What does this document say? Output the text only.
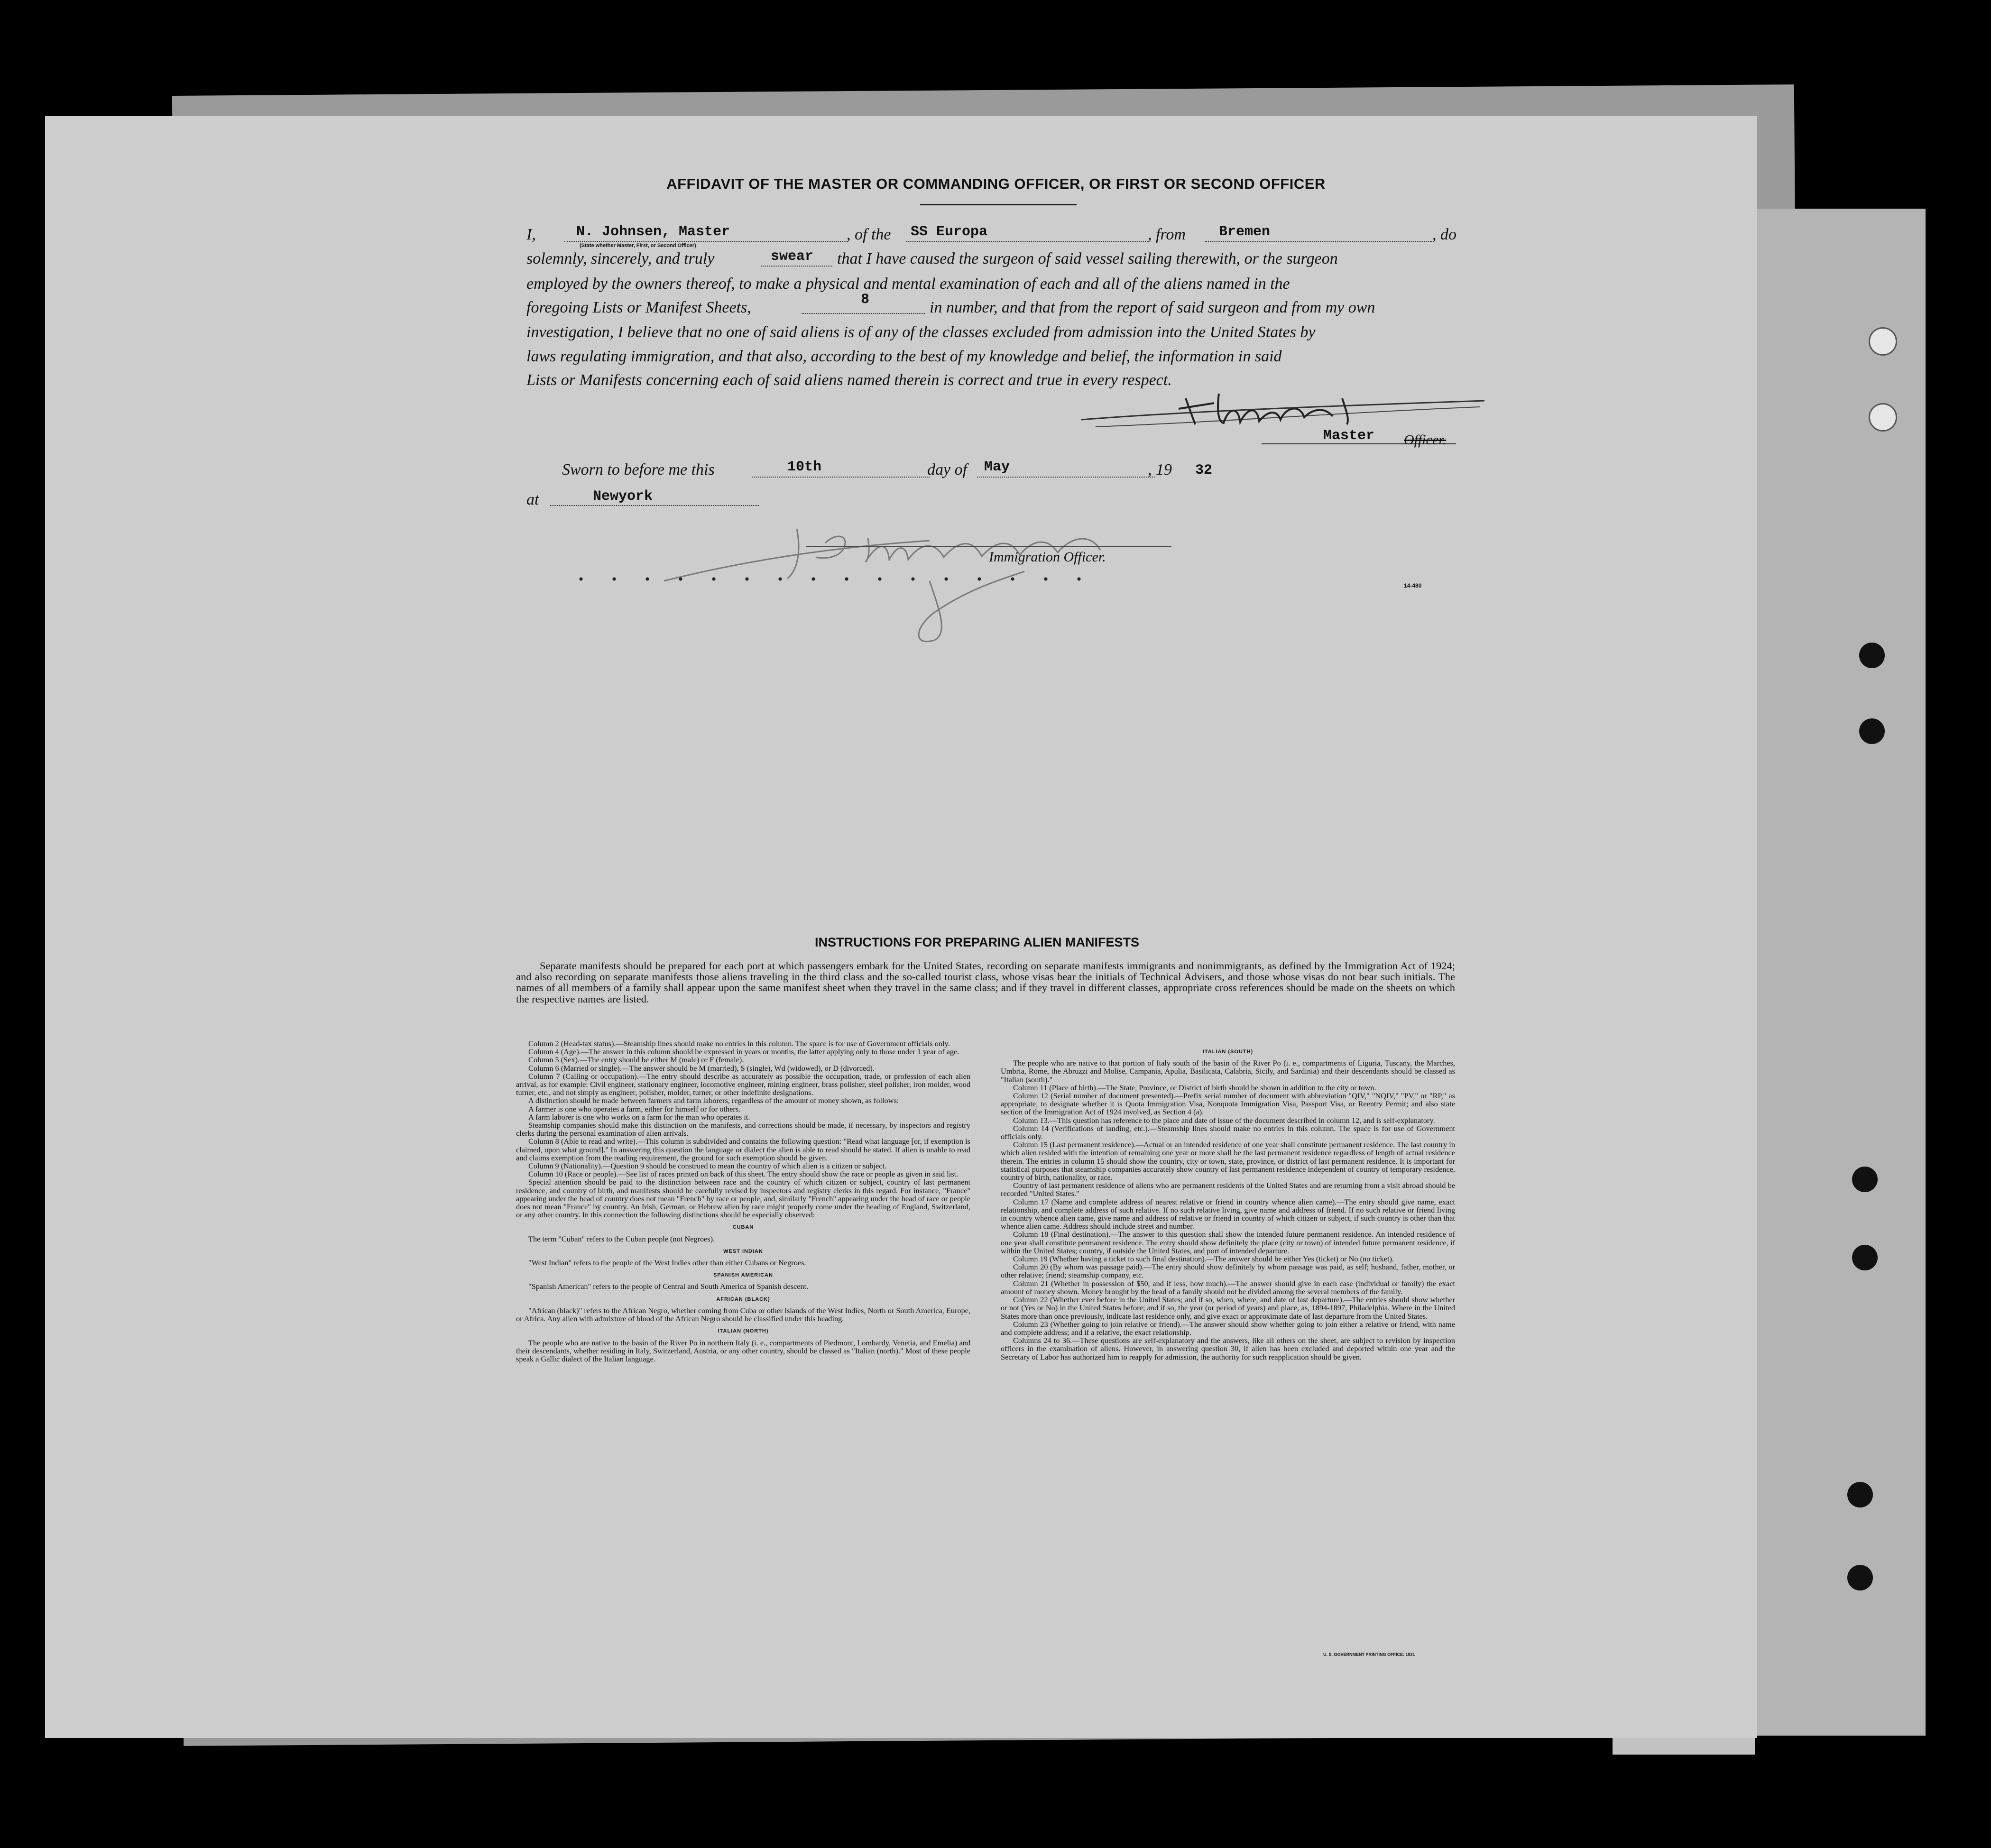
AFFIDAVIT OF THE MASTER OR COMMANDING OFFICER, OR FIRST OR SECOND OFFICER
I,	N. Johnsen, Master
(State whether Master, First, or Second Officer)
, of the SS Europa	, from Bremen	, do
solemnly, sincerely, and truly	swear that I have caused the surgeon of said vessel sailing therewith, or the surgeon
employed by the owners thereof, to make a physical and mental examination of each and all of the aliens named in the
foregoing Lists or Manifest Sheets,	8	in number, and that from the report of said surgeon and from my own
investigation, I believe that no one of said aliens is of any of the classes excluded from admission into the United States by
laws regulating immigration, and that also, according to the best of my knowledge and belief, the information in said
Lists or Manifests concerning each of said aliens named therein is correct and true in every respect.
Master Officer.
Sworn to before me this	10th	day of May	, 19 32
at	Newyork
Immigration Officer.
14-480
INSTRUCTIONS FOR PREPARING ALIEN MANIFESTS
Separate manifests should be prepared for each port at which passengers embark for the United States, recording on separate manifests immigrants and nonimmigrants, as defined by the Immigration Act of 1924; and also recording on separate manifests those aliens traveling in the third class and the so-called tourist class, whose visas bear the initials of Technical Advisers, and those whose visas do not bear such initials. The names of all members of a family shall appear upon the same manifest sheet when they travel in the same class; and if they travel in different classes, appropriate cross references should be made on the sheets on which the respective names are listed.

Column 2 (Head-tax status).—Steamship lines should make no entries in this column. The space is for use of Government officials only.

Column 4 (Age).—The answer in this column should be expressed in years or months, the latter applying only to those under 1 year of age.

Column 5 (Sex).—The entry should be either M (male) or F (female).

Column 6 (Married or single).—The answer should be M (married), S (single), Wd (widowed), or D (divorced).

Column 7 (Calling or occupation).—The entry should describe as accurately as possible the occupation, trade, or profession of each alien arrival, as for example: Civil engineer, stationary engineer, locomotive engineer, mining engineer, brass polisher, steel polisher, iron molder, wood turner, etc., and not simply as engineer, polisher, molder, turner, or other indefinite designations.

A distinction should be made between farmers and farm laborers, regardless of the amount of money shown, as follows:

A farmer is one who operates a farm, either for himself or for others.

A farm laborer is one who works on a farm for the man who operates it.

Steamship companies should make this distinction on the manifests, and corrections should be made, if necessary, by inspectors and registry clerks during the personal examination of alien arrivals.

Column 8 (Able to read and write).—This column is subdivided and contains the following question: "Read what language [or, if exemption is claimed, upon what ground]." In answering this question the language or dialect the alien is able to read should be stated. If alien is unable to read and claims exemption from the reading requirement, the ground for such exemption should be given.

Column 9 (Nationality).—Question 9 should be construed to mean the country of which alien is a citizen or subject.

Column 10 (Race or people).—See list of races printed on back of this sheet. The entry should show the race or people as given in said list.

Special attention should be paid to the distinction between race and the country of which citizen or subject, country of last permanent residence, and country of birth, and manifests should be carefully revised by inspectors and registry clerks in this regard. For instance, "France" appearing under the head of country does not mean "French" by race or people, and, similarly "French" appearing under the head of race or people does not mean "France" by country. An Irish, German, or Hebrew alien by race might properly come under the heading of England, Switzerland, or any other country. In this connection the following distinctions should be especially observed:

CUBAN

The term "Cuban" refers to the Cuban people (not Negroes).

WEST INDIAN

"West Indian" refers to the people of the West Indies other than either Cubans or Negroes.

SPANISH AMERICAN

"Spanish American" refers to the people of Central and South America of Spanish descent.

AFRICAN (BLACK)

"African (black)" refers to the African Negro, whether coming from Cuba or other islands of the West Indies, North or South America, Europe, or Africa. Any alien with admixture of blood of the African Negro should be classified under this heading.

ITALIAN (NORTH)

The people who are native to the basin of the River Po in northern Italy (i. e., compartments of Piedmont, Lombardy, Venetia, and Emelia) and their descendants, whether residing in Italy, Switzerland, Austria, or any other country, should be classed as "Italian (north)." Most of these people speak a Gallic dialect of the Italian language.

ITALIAN (SOUTH)

The people who are native to that portion of Italy south of the basin of the River Po (i. e., compartments of Liguria, Tuscany, the Marches, Umbria, Rome, the Abruzzi and Molise, Campania, Apulia, Basilicata, Calabria, Sicily, and Sardinia) and their descendants should be classed as "Italian (south)."

Column 11 (Place of birth).—The State, Province, or District of birth should be shown in addition to the city or town.

Column 12 (Serial number of document presented).—Prefix serial number of document with abbreviation "QIV," "NQIV," "PV," or "RP," as appropriate, to designate whether it is Quota Immigration Visa, Nonquota Immigration Visa, Passport Visa, or Reentry Permit; and also state section of the Immigration Act of 1924 involved, as Section 4 (a).

Column 13.—This question has reference to the place and date of issue of the document described in column 12, and is self-explanatory.

Column 14 (Verifications of landing, etc.).—Steamship lines should make no entries in this column. The space is for use of Government officials only.

Column 15 (Last permanent residence).—Actual or an intended residence of one year shall constitute permanent residence. The last country in which alien resided with the intention of remaining one year or more shall be the last permanent residence regardless of length of actual residence therein. The entries in column 15 should show the country, city or town, state, province, or district of last permanent residence. It is important for statistical purposes that steamship companies accurately show country of last permanent residence independent of country of temporary residence, country of birth, nationality, or race.

Country of last permanent residence of aliens who are permanent residents of the United States and are returning from a visit abroad should be recorded "United States."

Column 17 (Name and complete address of nearest relative or friend in country whence alien came).—The entry should give name, exact relationship, and complete address of such relative. If no such relative living, give name and address of friend. If no such relative or friend living in country whence alien came, give name and address of relative or friend in country of which citizen or subject, if such country is other than that whence alien came. Address should include street and number.

Column 18 (Final destination).—The answer to this question shall show the intended future permanent residence. An intended residence of one year shall constitute permanent residence. The entry should show definitely the place (city or town) of intended future permanent residence, if within the United States; country, if outside the United States, and port of intended departure.

Column 19 (Whether having a ticket to such final destination).—The answer should be either Yes (ticket) or No (no ticket).

Column 20 (By whom was passage paid).—The entry should show definitely by whom passage was paid, as self; husband, father, mother, or other relative; friend; steamship company, etc.

Column 21 (Whether in possession of $50, and if less, how much).—The answer should give in each case (individual or family) the exact amount of money shown. Money brought by the head of a family should not be divided among the several members of the family.

Column 22 (Whether ever before in the United States; and if so, when, where, and date of last departure).—The entries should show whether or not (Yes or No) in the United States before; and if so, the year (or period of years) and place, as, 1894-1897, Philadelphia. Where in the United States more than once previously, indicate last residence only, and give exact or approximate date of last departure from the United States.

Column 23 (Whether going to join relative or friend).—The answer should show whether going to join either a relative or friend, with name and complete address; and if a relative, the exact relationship.

Columns 24 to 36.—These questions are self-explanatory and the answers, like all others on the sheet, are subject to revision by inspection officers in the examination of aliens. However, in answering question 30, if alien has been excluded and deported within one year and the Secretary of Labor has authorized him to reapply for admission, the authority for such reapplication should be given.

U. S. GOVERNMENT PRINTING OFFICE: 1931
